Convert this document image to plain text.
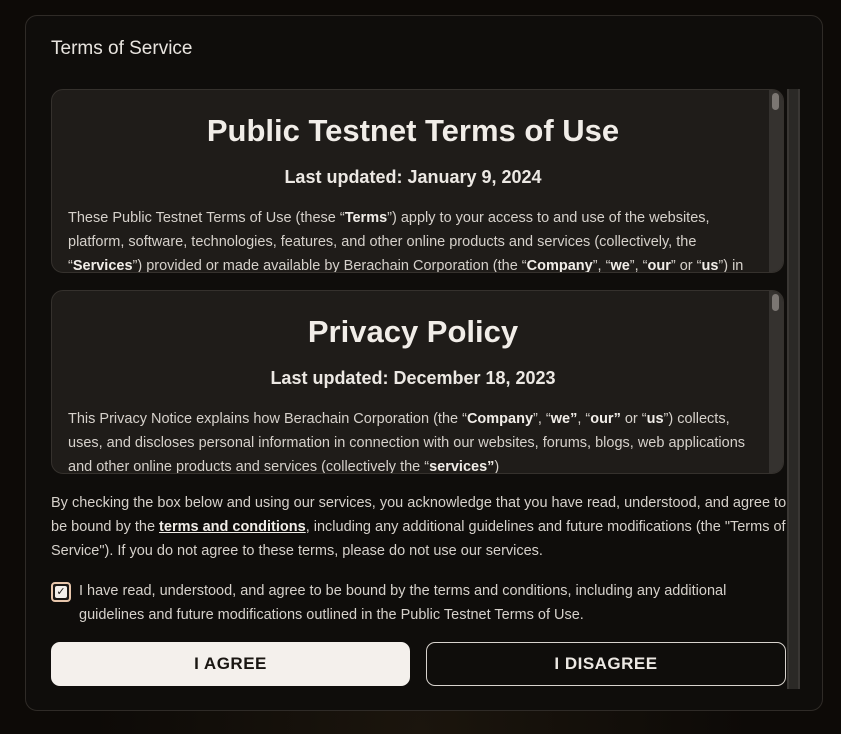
Terms of Service
Public Testnet Terms of Use
Last updated: January 9, 2024
These Public Testnet Terms of Use (these “Terms”) apply to your access to and use of the websites, platform, software, technologies, features, and other online products and services (collectively, the “Services”) provided or made available by Berachain Corporation (the “Company”, “we”, “our” or “us”) in
Privacy Policy
Last updated: December 18, 2023
This Privacy Notice explains how Berachain Corporation (the “Company”, “we”, “our” or “us”) collects, uses, and discloses personal information in connection with our websites, forums, blogs, web applications and other online products and services (collectively the “services”)
By checking the box below and using our services, you acknowledge that you have read, understood, and agree to be bound by the terms and conditions, including any additional guidelines and future modifications (the "Terms of Service"). If you do not agree to these terms, please do not use our services.
✓ I have read, understood, and agree to be bound by the terms and conditions, including any additional guidelines and future modifications outlined in the Public Testnet Terms of Use.
I AGREE	I DISAGREE
